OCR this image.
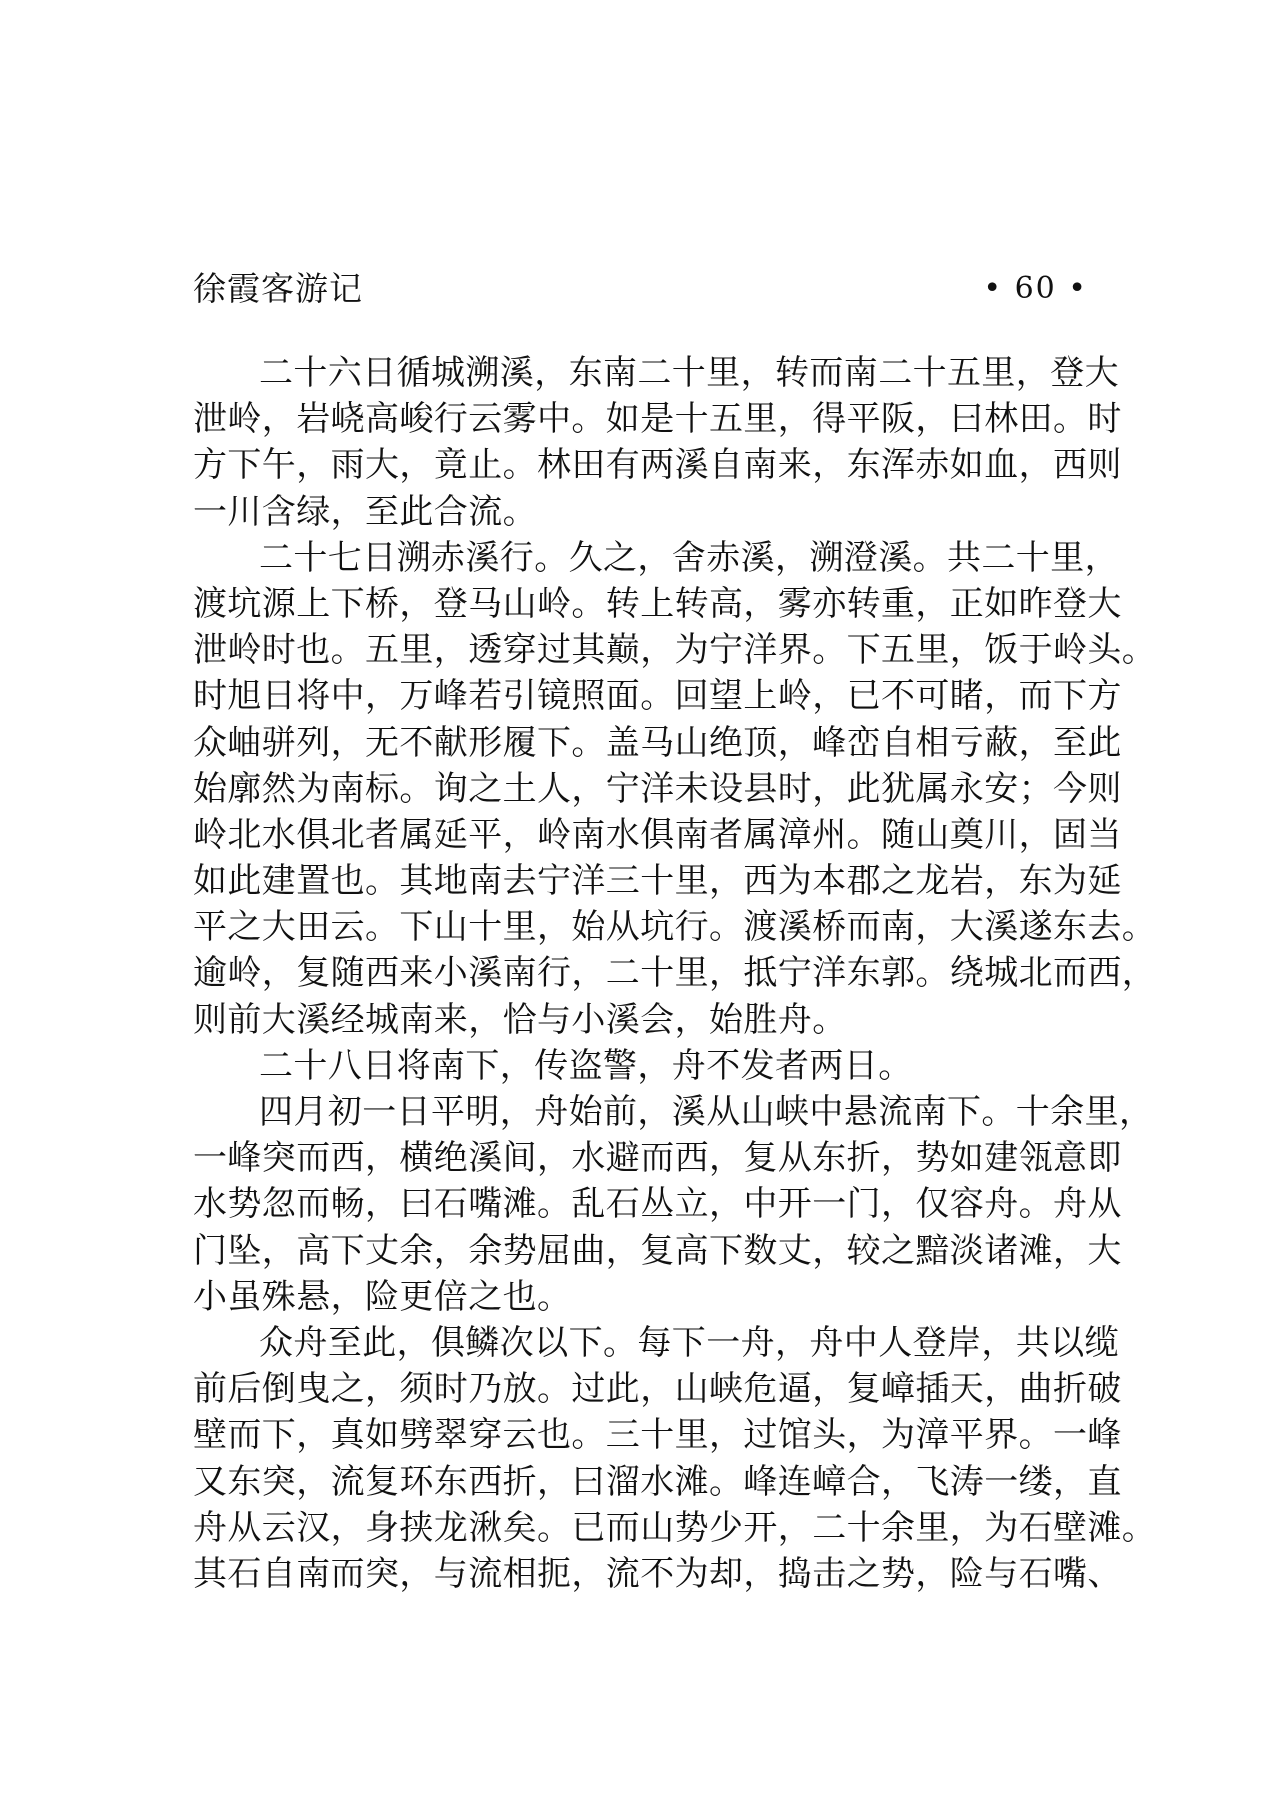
徐霞客游记	• 60 •
二十六日循城溯溪，东南二十里，转而南二十五里，登大
泄岭，岩峣高峻行云雾中。如是十五里，得平阪，曰林田。时
方下午，雨大，竟止。林田有两溪自南来，东浑赤如血，西则
一川含绿，至此合流。
二十七日溯赤溪行。久之，舍赤溪，溯澄溪。共二十里，
渡坑源上下桥，登马山岭。转上转高，雾亦转重，正如昨登大
泄岭时也。五里，透穿过其巅，为宁洋界。下五里，饭于岭头。
时旭日将中，万峰若引镜照面。回望上岭，已不可睹，而下方
众岫骈列，无不献形履下。盖马山绝顶，峰峦自相亏蔽，至此
始廓然为南标。询之土人，宁洋未设县时，此犹属永安；今则
岭北水俱北者属延平，岭南水俱南者属漳州。随山奠川，固当
如此建置也。其地南去宁洋三十里，西为本郡之龙岩，东为延
平之大田云。下山十里，始从坑行。渡溪桥而南，大溪遂东去。
逾岭，复随西来小溪南行，二十里，抵宁洋东郭。绕城北而西，
则前大溪经城南来，恰与小溪会，始胜舟。
二十八日将南下，传盗警，舟不发者两日。
四月初一日平明，舟始前，溪从山峡中悬流南下。十余里，
一峰突而西，横绝溪间，水避而西，复从东折，势如建瓴意即
水势忽而畅，曰石嘴滩。乱石丛立，中开一门，仅容舟。舟从
门坠，高下丈余，余势屈曲，复高下数丈，较之黯淡诸滩，大
小虽殊悬，险更倍之也。
众舟至此，俱鳞次以下。每下一舟，舟中人登岸，共以缆
前后倒曳之，须时乃放。过此，山峡危逼，复嶂插天，曲折破
壁而下，真如劈翠穿云也。三十里，过馆头，为漳平界。一峰
又东突，流复环东西折，曰溜水滩。峰连嶂合，飞涛一缕，直
舟从云汉，身挟龙湫矣。已而山势少开，二十余里，为石壁滩。
其石自南而突，与流相扼，流不为却，捣击之势，险与石嘴、
